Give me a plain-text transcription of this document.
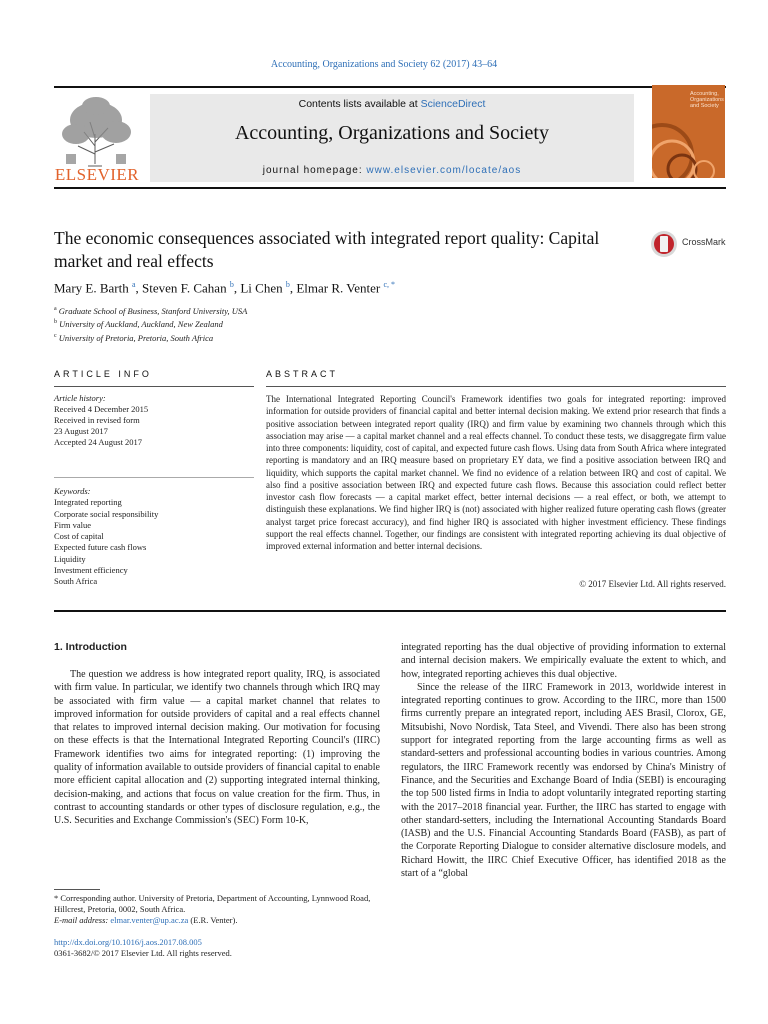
Accounting, Organizations and Society 62 (2017) 43–64
ELSEVIER
Contents lists available at ScienceDirect
Accounting, Organizations and Society
journal homepage: www.elsevier.com/locate/aos
Accounting, Organizations and Society
The economic consequences associated with integrated report quality: Capital market and real effects
CrossMark
Mary E. Barth $^a$, Steven F. Cahan $^b$, Li Chen $^b$, Elmar R. Venter $^{c, *}$
$^a$ Graduate School of Business, Stanford University, USA
$^b$ University of Auckland, Auckland, New Zealand
$^c$ University of Pretoria, Pretoria, South Africa
ARTICLE INFO
Article history:
Received 4 December 2015
Received in revised form
23 August 2017
Accepted 24 August 2017
Keywords:
Integrated reporting
Corporate social responsibility
Firm value
Cost of capital
Expected future cash flows
Liquidity
Investment efficiency
South Africa
ABSTRACT
The International Integrated Reporting Council's Framework identifies two goals for integrated reporting: improved information for outside providers of financial capital and better internal decision making. We extend prior research that finds a positive association between integrated report quality (IRQ) and firm value by examining two channels through which this association may arise — a capital market channel and a real effects channel. To conduct these tests, we disaggregate firm value into three components: liquidity, cost of capital, and expected future cash flows. Using data from South Africa where integrated reporting is mandatory and an IRQ measure based on proprietary EY data, we find a positive association between IRQ and liquidity, which supports the capital market channel. We find no evidence of a relation between IRQ and cost of capital. We also find a positive association between IRQ and expected future cash flows. Because this association could reflect better investor cash flow forecasts — a capital market effect, better internal decisions — a real effect, or both, we attempt to distinguish these explanations. We find higher IRQ is (not) associated with higher realized future operating cash flows (greater analyst target price forecast accuracy), and find higher IRQ is associated with higher investment efficiency. These findings support the real effects channel. Together, our findings are consistent with integrated reporting achieving its dual objective of improved external information and better internal decisions.
© 2017 Elsevier Ltd. All rights reserved.
1. Introduction

The question we address is how integrated report quality, IRQ, is associated with firm value. In particular, we identify two channels through which IRQ may be associated with firm value — a capital market channel that relates to improved information for outside providers of capital and a real effects channel that relates to improved internal decision making. Our motivation for focusing on these effects is that the International Integrated Reporting Council's (IIRC) Framework identifies two aims for integrated reporting: (1) improving the quality of information available to outside providers of financial capital to enable more efficient capital allocation and (2) supporting integrated internal thinking, decision-making, and actions that focus on value creation for the firm. Thus, in contrast to accounting standards or other types of disclosure regulation, e.g., the U.S. Securities and Exchange Commission's (SEC) Form 10-K,

integrated reporting has the dual objective of providing information to external and internal decision makers. We empirically evaluate the extent to which, and how, integrated reporting achieves this dual objective.

Since the release of the IIRC Framework in 2013, worldwide interest in integrated reporting continues to grow. According to the IIRC, more than 1500 firms currently prepare an integrated report, including AES Brasil, Clorox, GE, Mitsubishi, Novo Nordisk, Tata Steel, and Vivendi. There also has been strong support for integrated reporting from the large accounting firms as well as standard-setters and professional accounting bodies in various countries. Among regulators, the IIRC Framework recently was endorsed by China's Ministry of Finance, and the Securities and Exchange Board of India (SEBI) is encouraging the top 500 listed firms in India to adopt voluntarily integrated reporting starting with the 2017–2018 financial year. Further, the IIRC has started to engage with other standard-setters, including the International Accounting Standards Board (IASB) and the U.S. Financial Accounting Standards Board (FASB), as part of the Corporate Reporting Dialogue to consider alternative disclosure models, and Richard Howitt, the IIRC Chief Executive Officer, has identified 2018 as the start of a “global

* Corresponding author. University of Pretoria, Department of Accounting, Lynnwood Road, Hillcrest, Pretoria, 0002, South Africa.
E-mail address: elmar.venter@up.ac.za (E.R. Venter).
http://dx.doi.org/10.1016/j.aos.2017.08.005
0361-3682/© 2017 Elsevier Ltd. All rights reserved.
